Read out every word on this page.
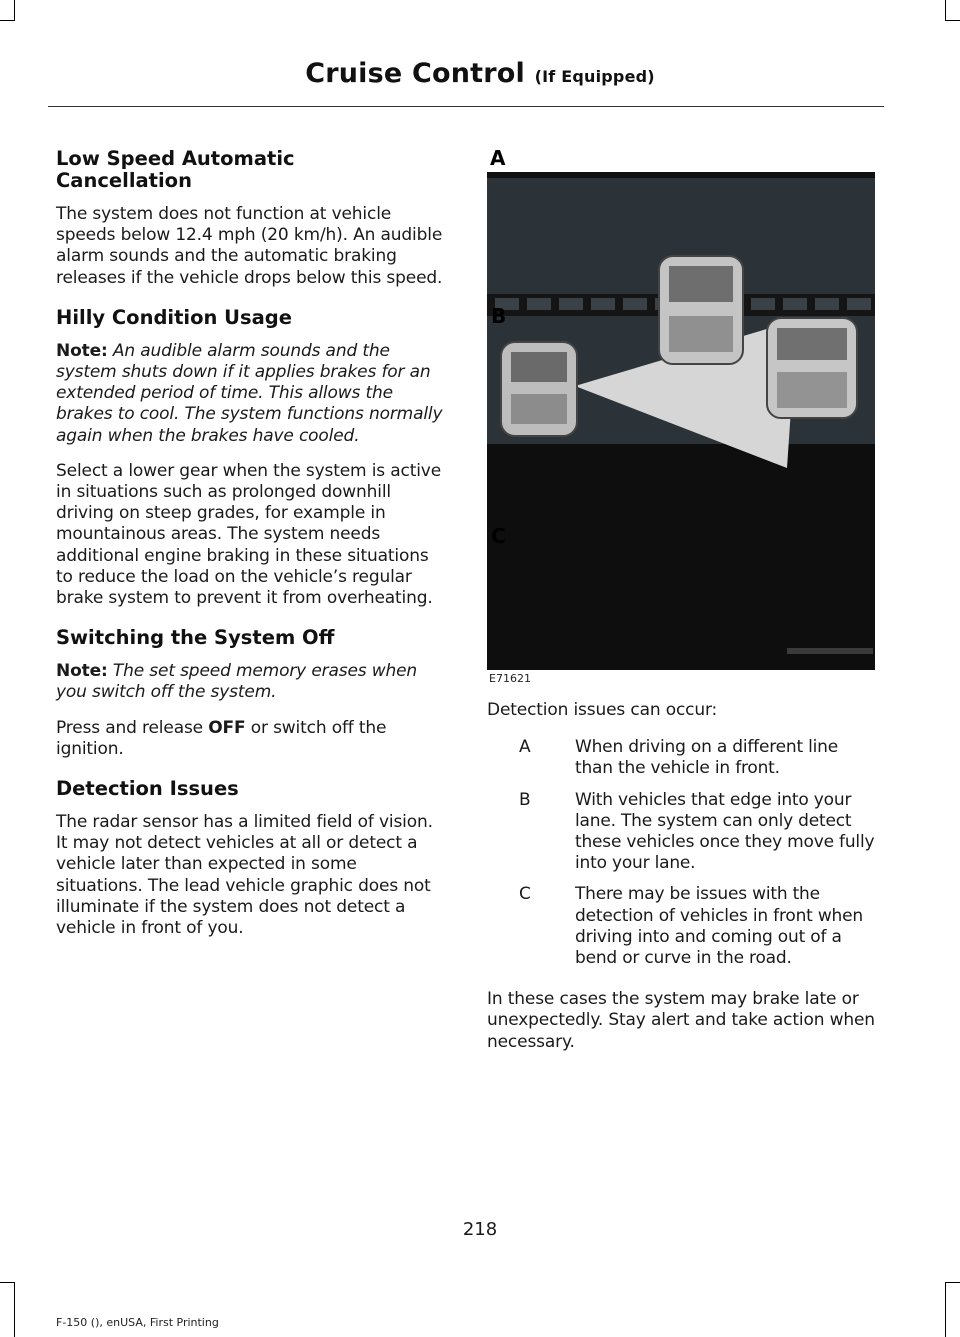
Cruise Control (If Equipped)
Low Speed Automatic Cancellation

The system does not function at vehicle speeds below 12.4 mph (20 km/h). An audible alarm sounds and the automatic braking releases if the vehicle drops below this speed.

Hilly Condition Usage

Note: An audible alarm sounds and the system shuts down if it applies brakes for an extended period of time. This allows the brakes to cool. The system functions normally again when the brakes have cooled.

Select a lower gear when the system is active in situations such as prolonged downhill driving on steep grades, for example in mountainous areas. The system needs additional engine braking in these situations to reduce the load on the vehicle’s regular brake system to prevent it from overheating.

Switching the System Off

Note: The set speed memory erases when you switch off the system.

Press and release OFF or switch off the ignition.

Detection Issues

The radar sensor has a limited field of vision. It may not detect vehicles at all or detect a vehicle later than expected in some situations. The lead vehicle graphic does not illuminate if the system does not detect a vehicle in front of you.

A
B
C
E71621

Detection issues can occur:

A	When driving on a different line than the vehicle in front.
B	With vehicles that edge into your lane. The system can only detect these vehicles once they move fully into your lane.
C	There may be issues with the detection of vehicles in front when driving into and coming out of a bend or curve in the road.

In these cases the system may brake late or unexpectedly. Stay alert and take action when necessary.

218
F-150 (), enUSA, First Printing
